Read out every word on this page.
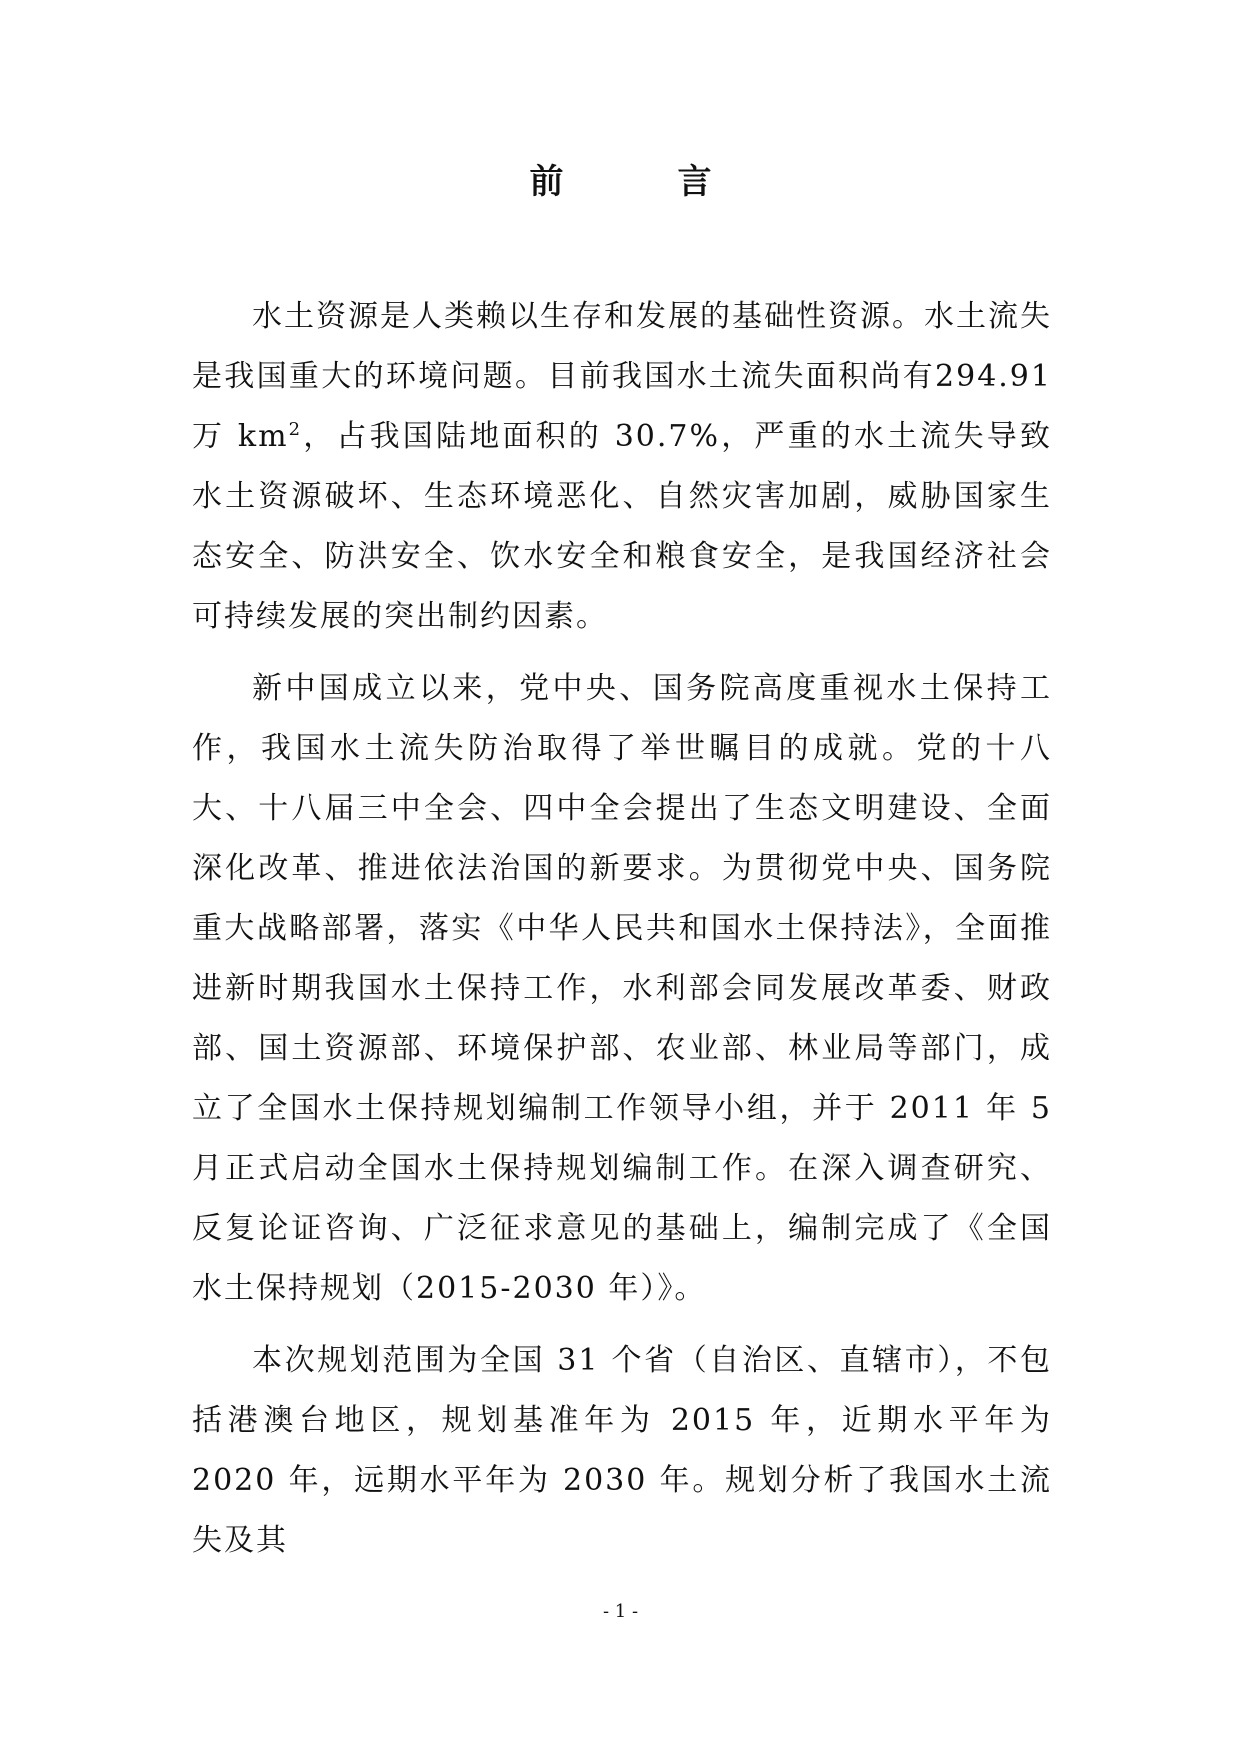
前　言

水土资源是人类赖以生存和发展的基础性资源。水土流失是我国重大的环境问题。目前我国水土流失面积尚有294.91 万 $km^2$，占我国陆地面积的 30.7%，严重的水土流失导致水土资源破坏、生态环境恶化、自然灾害加剧，威胁国家生态安全、防洪安全、饮水安全和粮食安全，是我国经济社会可持续发展的突出制约因素。

新中国成立以来，党中央、国务院高度重视水土保持工作，我国水土流失防治取得了举世瞩目的成就。党的十八大、十八届三中全会、四中全会提出了生态文明建设、全面深化改革、推进依法治国的新要求。为贯彻党中央、国务院重大战略部署，落实《中华人民共和国水土保持法》，全面推进新时期我国水土保持工作，水利部会同发展改革委、财政部、国土资源部、环境保护部、农业部、林业局等部门，成立了全国水土保持规划编制工作领导小组，并于 2011 年 5 月正式启动全国水土保持规划编制工作。在深入调查研究、反复论证咨询、广泛征求意见的基础上，编制完成了《全国水土保持规划（2015-2030 年）》。

本次规划范围为全国 31 个省（自治区、直辖市），不包括港澳台地区，规划基准年为 2015 年，近期水平年为 2020 年，远期水平年为 2030 年。规划分析了我国水土流失及其

- 1 -
